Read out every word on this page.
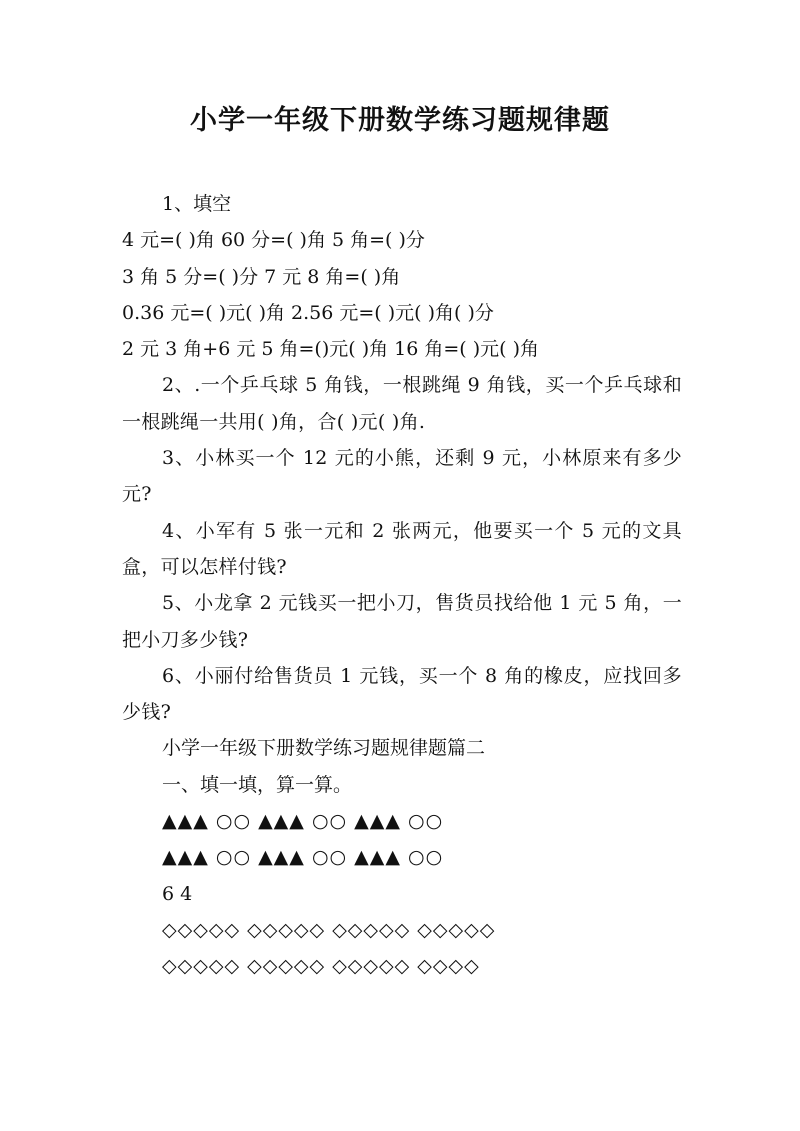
小学一年级下册数学练习题规律题

1、填空

4 元=( )角 60 分=( )角 5 角=( )分

3 角 5 分=( )分 7 元 8 角=( )角

0.36 元=( )元( )角 2.56 元=( )元( )角( )分

2 元 3 角+6 元 5 角=()元( )角 16 角=( )元( )角

2、.一个乒乓球 5 角钱，一根跳绳 9 角钱，买一个乒乓球和一根跳绳一共用( )角，合( )元( )角.

3、小林买一个 12 元的小熊，还剩 9 元，小林原来有多少元?

4、小军有 5 张一元和 2 张两元，他要买一个 5 元的文具盒，可以怎样付钱?

5、小龙拿 2 元钱买一把小刀，售货员找给他 1 元 5 角，一把小刀多少钱?

6、小丽付给售货员 1 元钱，买一个 8 角的橡皮，应找回多少钱?

小学一年级下册数学练习题规律题篇二

一、填一填，算一算。

▲▲▲ ○○ ▲▲▲ ○○ ▲▲▲ ○○

▲▲▲ ○○ ▲▲▲ ○○ ▲▲▲ ○○

6 4

◇◇◇◇◇ ◇◇◇◇◇ ◇◇◇◇◇ ◇◇◇◇◇

◇◇◇◇◇ ◇◇◇◇◇ ◇◇◇◇◇ ◇◇◇◇
